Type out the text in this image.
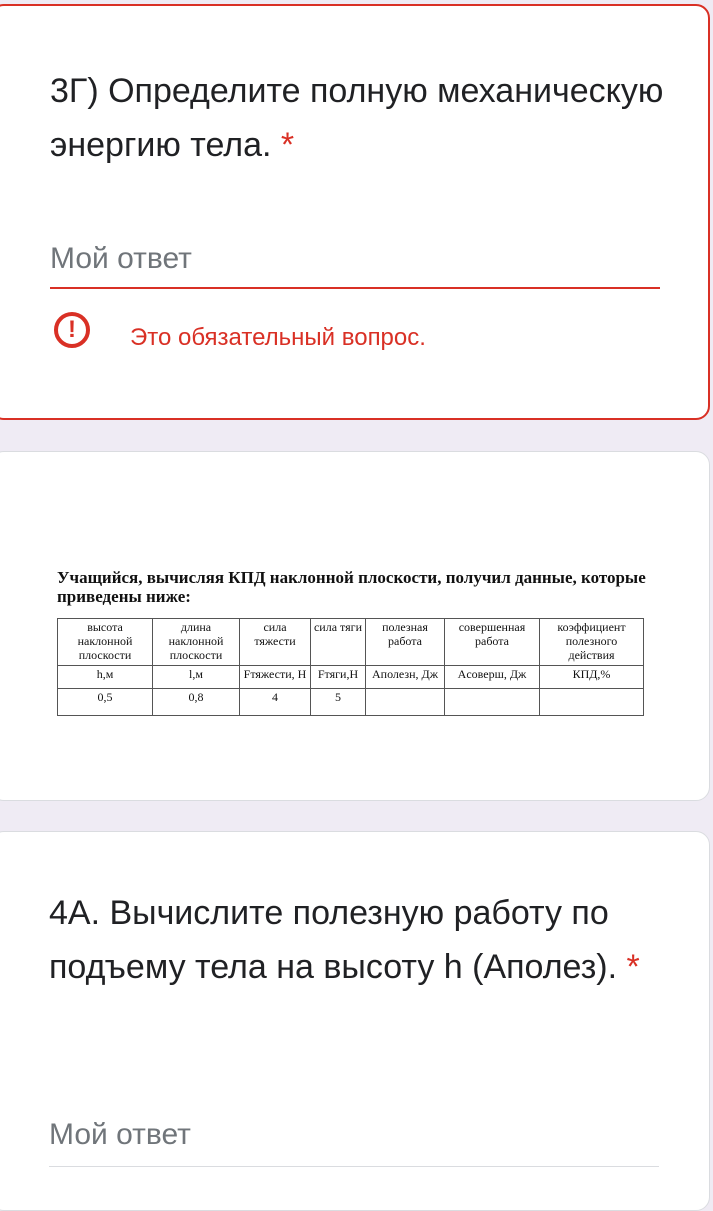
3Г) Определите полную механическую энергию тела. *
Мой ответ
!	Это обязательный вопрос.
Учащийся, вычисляя КПД наклонной плоскости, получил данные, которые приведены ниже:
высота наклонной плоскости	длина наклонной плоскости	сила тяжести	сила тяги	полезная работа	совершенная работа	коэффициент полезного действия
h,м	l,м	Fтяжести, Н	Fтяги,Н	Aполезн, Дж	Aсоверш, Дж	КПД,%
0,5	0,8	4	5			
4А. Вычислите полезную работу по подъему тела на высоту h (Аполез). *
Мой ответ
